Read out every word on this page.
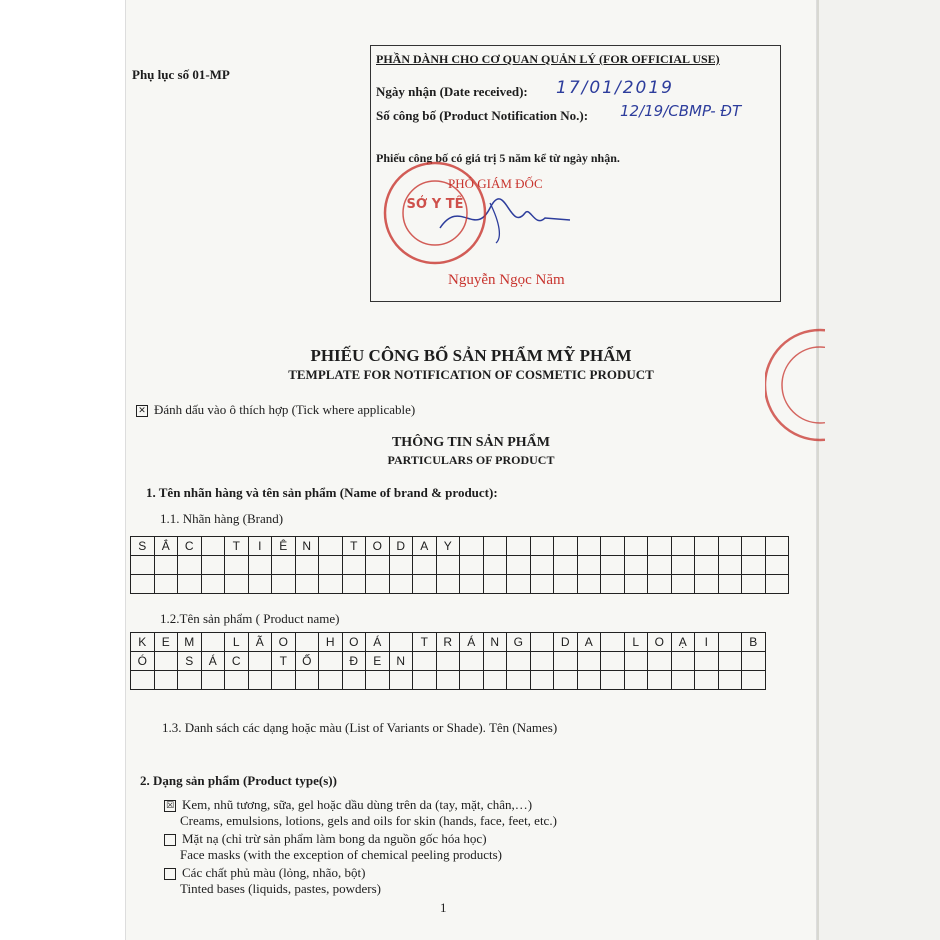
Phụ lục số 01-MP
PHẦN DÀNH CHO CƠ QUAN QUẢN LÝ (FOR OFFICIAL USE)
Ngày nhận (Date received): 17/01/2019
Số công bố (Product Notification No.): 12/19/CBMP- ĐT
Phiếu công bố có giá trị 5 năm kể từ ngày nhận.
PHÓ GIÁM ĐỐC
SỞ Y TẾ
Nguyễn Ngọc Năm
PHIẾU CÔNG BỐ SẢN PHẨM MỸ PHẨM
TEMPLATE FOR NOTIFICATION OF COSMETIC PRODUCT
✕ Đánh dấu vào ô thích hợp (Tick where applicable)
THÔNG TIN SẢN PHẨM
PARTICULARS OF PRODUCT
1. Tên nhãn hàng và tên sản phẩm (Name of brand & product):
1.1. Nhãn hàng (Brand)
S	Ắ	C		T	I	Ê	N		T	O	D	A	Y														

1.2.Tên sản phẩm ( Product name)
K	E	M		L	Ã	O		H	O	Á		T	R	Á	N	G		D	A		L	O	Ạ	I		B
Ó		S	Á	C		T	Ố		Đ	E	N															

1.3. Danh sách các dạng hoặc màu (List of Variants or Shade). Tên (Names)
2. Dạng sản phẩm (Product type(s))
☒ Kem, nhũ tương, sữa, gel hoặc dầu dùng trên da (tay, mặt, chân,…)
Creams, emulsions, lotions, gels and oils for skin (hands, face, feet, etc.)
Mặt nạ (chỉ trừ sản phẩm làm bong da nguồn gốc hóa học)
Face masks (with the exception of chemical peeling products)
Các chất phủ màu (lỏng, nhão, bột)
Tinted bases (liquids, pastes, powders)
1
